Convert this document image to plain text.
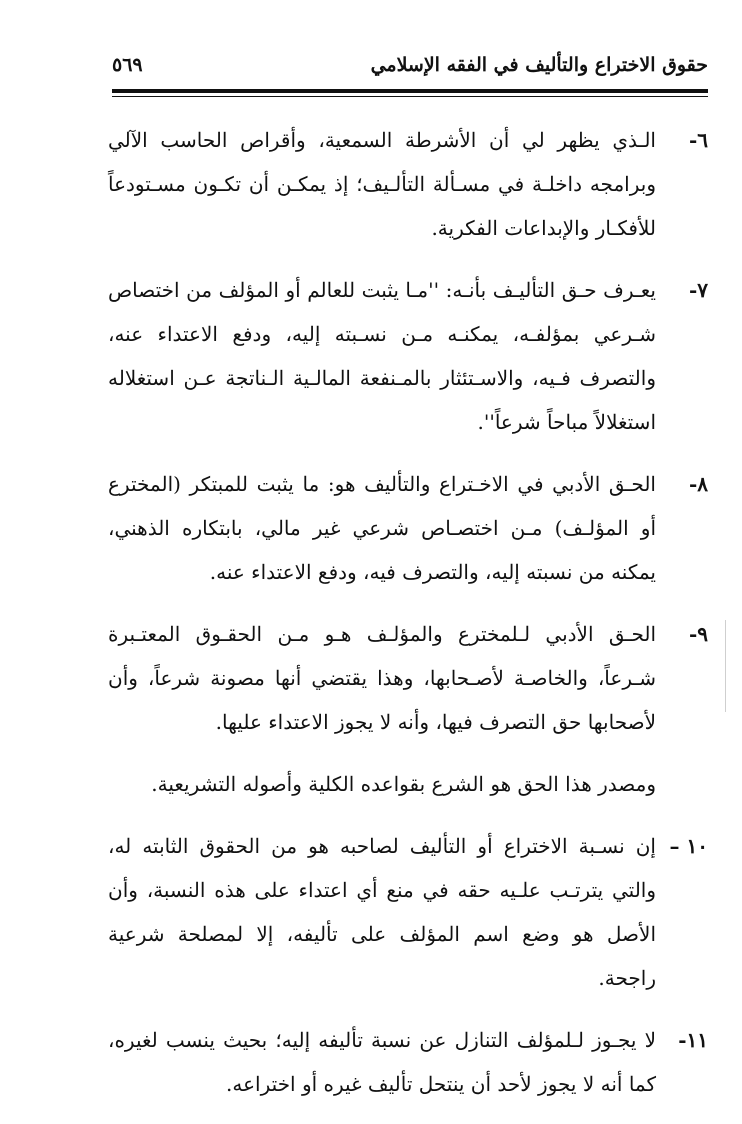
حقوق الاختراع والتأليف في الفقه الإسلامي
٥٦٩
٦-
الـذي يظهر لي أن الأشرطة السمعية، وأقراص الحاسب الآلي وبرامجه داخلـة في مسـألة التألـيف؛ إذ يمكـن أن تكـون مسـتودعاً للأفكـار والإبداعات الفكرية.
٧-
يعـرف حـق التأليـف بأنـه: ''مـا يثبت للعالم أو المؤلف من اختصاص شـرعي بمؤلفـه، يمكنـه مـن نسـبته إليه، ودفع الاعتداء عنه، والتصرف فـيه، والاسـتئثار بالمـنفعة المالـية الـناتجة عـن استغلاله استغلالاً مباحاً شرعاً''.
٨-
الحـق الأدبي في الاخـتراع والتأليف هو: ما يثبت للمبتكر (المخترع أو المؤلـف) مـن اختصـاص شرعي غير مالي، بابتكاره الذهني، يمكنه من نسبته إليه، والتصرف فيه، ودفع الاعتداء عنه.
٩-
الحـق الأدبي لـلمخترع والمؤلـف هـو مـن الحقـوق المعتـبرة شـرعاً، والخاصـة لأصـحابها، وهذا يقتضي أنها مصونة شرعاً، وأن لأصحابها حق التصرف فيها، وأنه لا يجوز الاعتداء عليها.
ومصدر هذا الحق هو الشرع بقواعده الكلية وأصوله التشريعية.
١٠ –
إن نسـبة الاختراع أو التأليف لصاحبه هو من الحقوق الثابته له، والتي يترتـب علـيه حقه في منع أي اعتداء على هذه النسبة، وأن الأصل هو وضع اسم المؤلف على تأليفه، إلا لمصلحة شرعية راجحة.
١١-
لا يجـوز لـلمؤلف التنازل عن نسبة تأليفه إليه؛ بحيث ينسب لغيره، كما أنه لا يجوز لأحد أن ينتحل تأليف غيره أو اختراعه.
